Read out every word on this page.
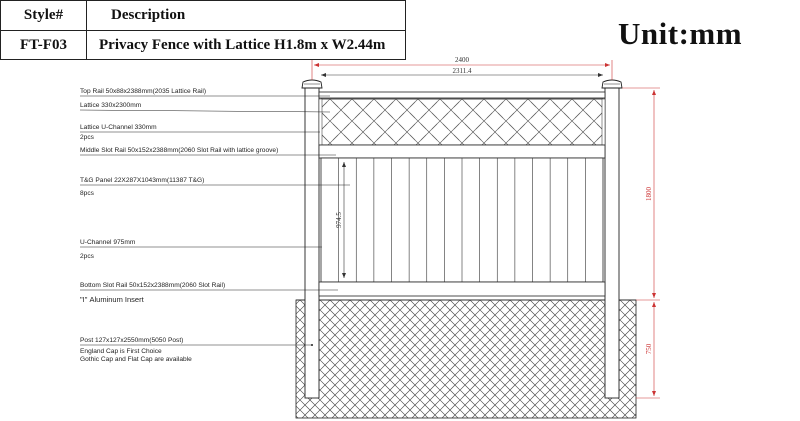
Style#	Description
FT-F03	Privacy Fence with Lattice H1.8m x W2.44m	Unit:mm
2400
2311.4
1800
750
974.5
Top Rail 50x88x2388mm(2035 Lattice Rail)
Lattice 330x2300mm
Lattice U-Channel 330mm
2pcs
Middle Slot Rail 50x152x2388mm(2060 Slot Rail with lattice groove)
T&G Panel 22X287X1043mm(11387 T&G)
8pcs
U-Channel 975mm
2pcs
Bottom Slot Rail 50x152x2388mm(2060 Slot Rail)
"Ι" Aluminum Insert
Post 127x127x2550mm(5050 Post)
England Cap is First Choice
Gothic Cap and Flat Cap are available
